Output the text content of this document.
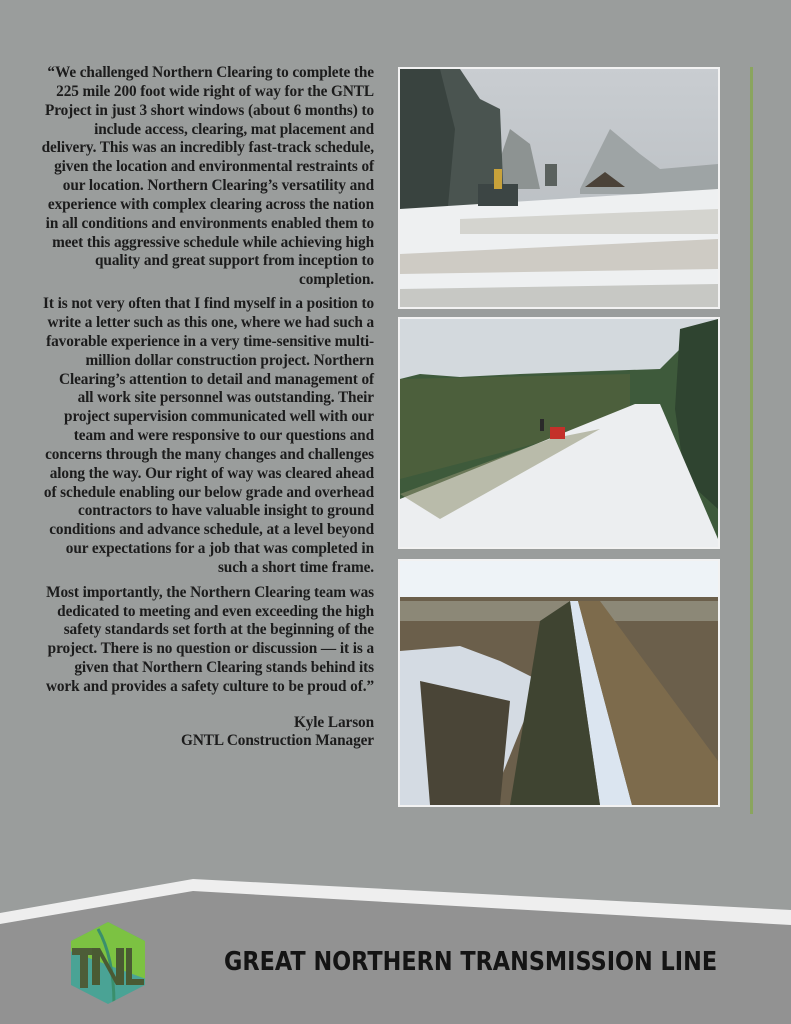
“We challenged Northern Clearing to complete the 225 mile 200 foot wide right of way for the GNTL Project in just 3 short windows (about 6 months) to include access, clearing, mat placement and delivery. This was an incredibly fast-track schedule, given the location and environmental restraints of our location. Northern Clearing’s versatility and experience with complex clearing across the nation in all conditions and environments enabled them to meet this aggressive schedule while achieving high quality and great support from inception to completion.

It is not very often that I find myself in a position to write a letter such as this one, where we had such a favorable experience in a very time-sensitive multi-million dollar construction project. Northern Clearing’s attention to detail and management of all work site personnel was outstanding. Their project supervision communicated well with our team and were responsive to our questions and concerns through the many changes and challenges along the way. Our right of way was cleared ahead of schedule enabling our below grade and overhead contractors to have valuable insight to ground conditions and advance schedule, at a level beyond our expectations for a job that was completed in such a short time frame.

Most importantly, the Northern Clearing team was dedicated to meeting and even exceeding the high safety standards set forth at the beginning of the project. There is no question or discussion — it is a given that Northern Clearing stands behind its work and provides a safety culture to be proud of.”

Kyle Larson
GNTL Construction Manager
GREAT NORTHERN TRANSMISSION LINE
